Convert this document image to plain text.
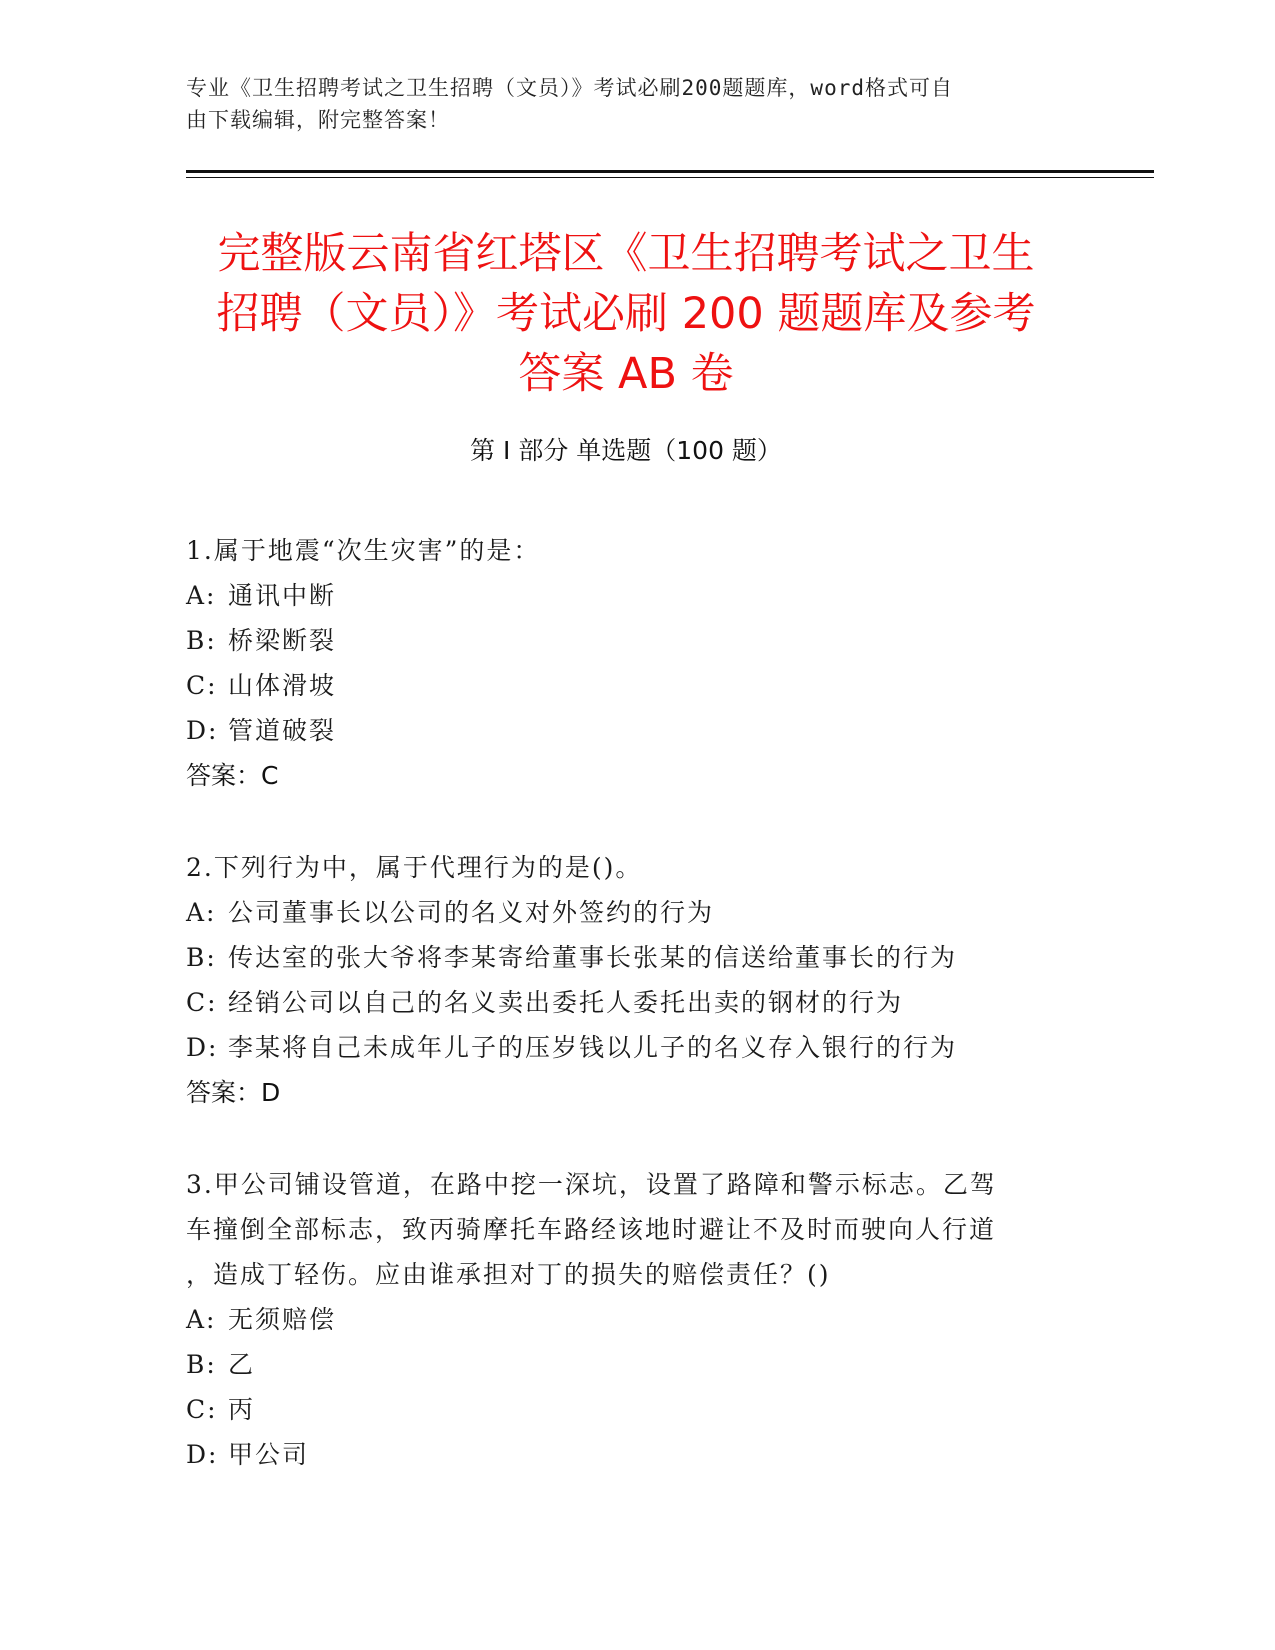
专业《卫生招聘考试之卫生招聘（文员）》考试必刷200题题库，word格式可自
由下载编辑，附完整答案！
完整版云南省红塔区《卫生招聘考试之卫生
招聘（文员）》考试必刷 200 题题库及参考
答案 AB 卷
第 I 部分 单选题（100 题）
1.属于地震“次生灾害”的是：
A: 通讯中断
B: 桥梁断裂
C: 山体滑坡
D: 管道破裂
答案：C
2.下列行为中，属于代理行为的是()。
A: 公司董事长以公司的名义对外签约的行为
B: 传达室的张大爷将李某寄给董事长张某的信送给董事长的行为
C: 经销公司以自己的名义卖出委托人委托出卖的钢材的行为
D: 李某将自己未成年儿子的压岁钱以儿子的名义存入银行的行为
答案：D
3.甲公司铺设管道，在路中挖一深坑，设置了路障和警示标志。乙驾
车撞倒全部标志，致丙骑摩托车路经该地时避让不及时而驶向人行道
，造成丁轻伤。应由谁承担对丁的损失的赔偿责任？()
A: 无须赔偿
B: 乙
C: 丙
D: 甲公司
